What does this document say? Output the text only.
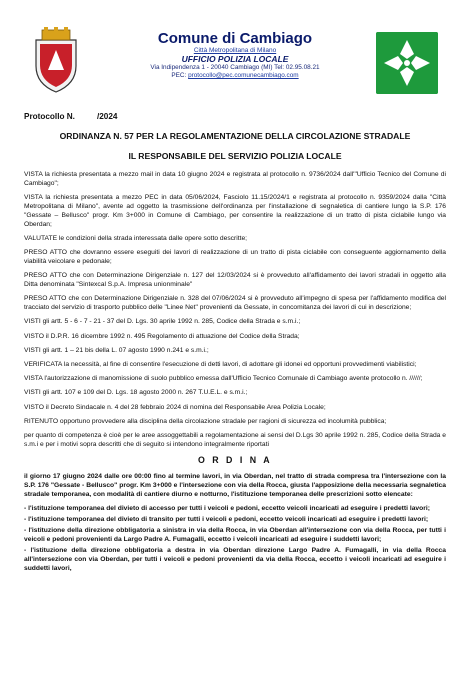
Comune di Cambiago
Città Metropolitana di Milano
UFFICIO POLIZIA LOCALE
Via Indipendenza 1 - 20040 Cambiago (MI) Tel: 02.95.08.21
PEC: protocollo@pec.comunecambiago.com
Protocollo N.	/2024
ORDINANZA N. 57 PER LA REGOLAMENTAZIONE DELLA CIRCOLAZIONE STRADALE
IL RESPONSABILE DEL SERVIZIO POLIZIA LOCALE

VISTA la richiesta presentata a mezzo mail in data 10 giugno 2024 e registrata al protocollo n. 9736/2024 dall'"Ufficio Tecnico del Comune di Cambiago";

VISTA la richiesta presentata a mezzo PEC in data 05/06/2024, Fasciolo 11.15/2024/1 e registrata al protocollo n. 9359/2024 dalla "Città Metropolitana di Milano", avente ad oggetto la trasmissione dell'ordinanza per l'installazione di segnaletica di cantiere lungo la S.P. 176 "Gessate – Bellusco" progr. Km 3+000 in Comune di Cambiago, per consentire la realizzazione di un tratto di pista ciclabile lungo via Oberdan;

VALUTATE le condizioni della strada interessata dalle opere sotto descritte;

PRESO ATTO che dovranno essere eseguiti dei lavori di realizzazione di un tratto di pista ciclabile con conseguente aggiornamento della viabilità veicolare e pedonale;

PRESO ATTO che con Determinazione Dirigenziale n. 127 del 12/03/2024 si è provveduto all'affidamento dei lavori stradali in oggetto alla Ditta denominata "Sintexcal S.p.A. Impresa unionminale"

PRESO ATTO che con Determinazione Dirigenziale n. 328 del 07/06/2024 si è provveduto all'impegno di spesa per l'affidamento modifica del tracciato del servizio di trasporto pubblico delle "Linee Net" provenienti da Gessate, in concomitanza dei lavori di cui in descrizione;

VISTI gli artt. 5 - 6 - 7 - 21 - 37 del D. Lgs. 30 aprile 1992 n. 285, Codice della Strada e s.m.i.;

VISTO il D.P.R. 16 dicembre 1992 n. 495 Regolamento di attuazione del Codice della Strada;

VISTI gli artt. 1 – 21 bis della L. 07 agosto 1990 n.241 e s.m.i.;

VERIFICATA la necessità, al fine di consentire l'esecuzione di detti lavori, di adottare gli idonei ed opportuni provvedimenti viabilistici;

VISTA l'autorizzazione di manomissione di suolo pubblico emessa dall'Ufficio Tecnico Comunale di Cambiago avente protocollo n. //////;

VISTI gli artt. 107 e 109 del D. Lgs. 18 agosto 2000 n. 267 T.U.E.L. e s.m.i.;

VISTO il Decreto Sindacale n. 4 del 28 febbraio 2024 di nomina del Responsabile Area Polizia Locale;

RITENUTO opportuno provvedere alla disciplina della circolazione stradale per ragioni di sicurezza ed incolumità pubblica;

per quanto di competenza è cioè per le aree assoggettabili a regolamentazione ai sensi del D.Lgs 30 aprile 1992 n. 285, Codice della Strada e s.m.i e per i motivi sopra descritti che di seguito si intendono integralmente riportati

O R D I N A

il giorno 17 giugno 2024 dalle ore 00:00 fino al termine lavori, in via Oberdan, nel tratto di strada compresa tra l'intersezione con la S.P. 176 "Gessate - Bellusco" progr. Km 3+000 e l'intersezione con via della Rocca, giusta l'apposizione della necessaria segnaletica stradale temporanea, con modalità di cantiere diurno e notturno, l'istituzione temporanea delle prescrizioni sotto elencate:

- l'istituzione temporanea del divieto di accesso per tutti i veicoli e pedoni, eccetto veicoli incaricati ad eseguire i predetti lavori;
- l'istituzione temporanea del divieto di transito per tutti i veicoli e pedoni, eccetto veicoli incaricati ad eseguire i predetti lavori;
- l'istituzione della direzione obbligatoria a sinistra in via della Rocca, in via Oberdan all'intersezione con via della Rocca, per tutti i veicoli e pedoni provenienti da Largo Padre A. Fumagalli, eccetto i veicoli incaricati ad eseguire i suddetti lavori;
- l'istituzione della direzione obbligatoria a destra in via Oberdan direzione Largo Padre A. Fumagalli, in via della Rocca all'intersezione con via Oberdan, per tutti i veicoli e pedoni provenienti da via della Rocca, eccetto i veicoli incaricati ad eseguire i suddetti lavori,
